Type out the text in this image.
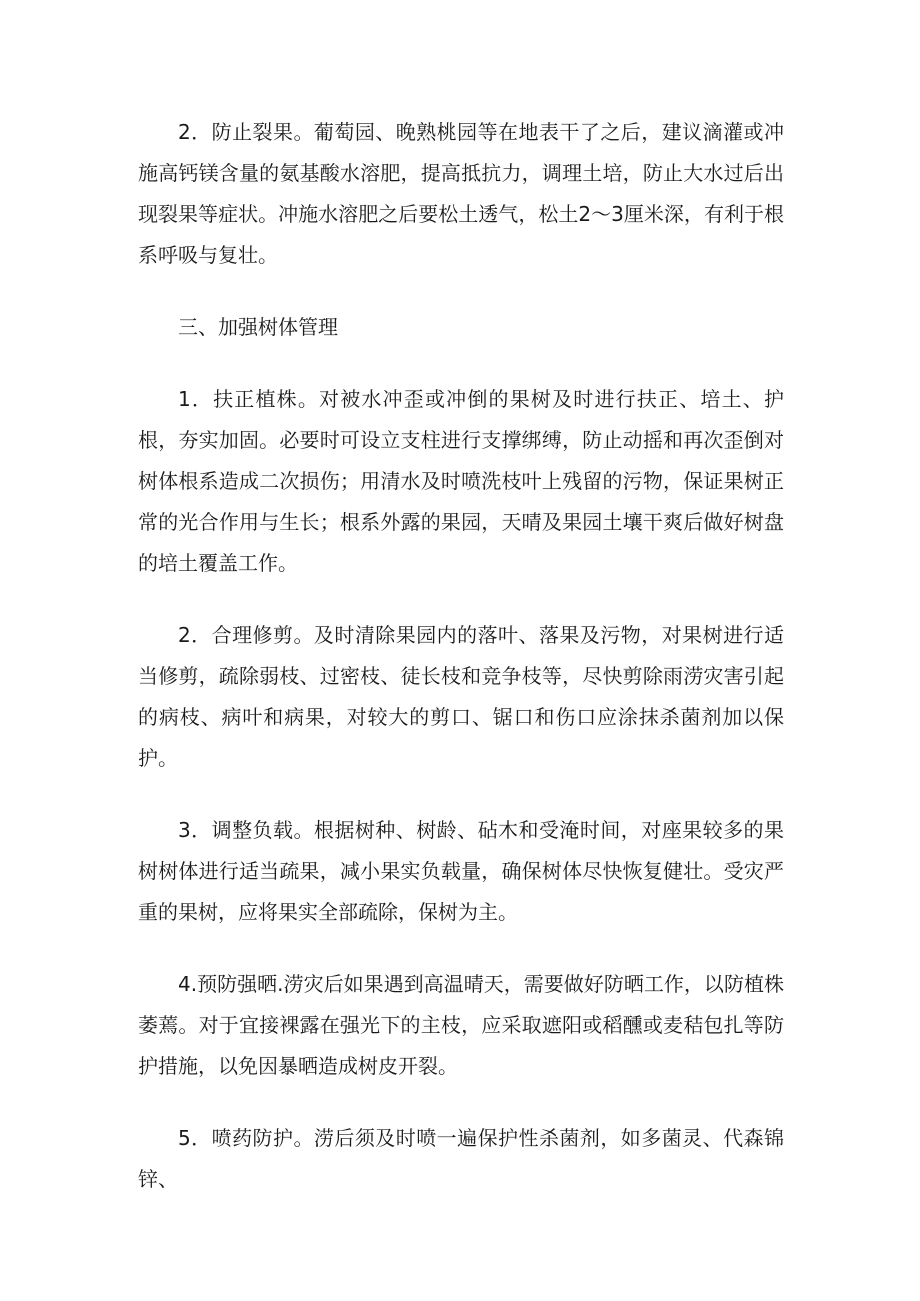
2．防止裂果。葡萄园、晚熟桃园等在地表干了之后，建议滴灌或冲施高钙镁含量的氨基酸水溶肥，提高抵抗力，调理土培，防止大水过后出现裂果等症状。冲施水溶肥之后要松土透气，松土2～3厘米深，有利于根系呼吸与复壮。

三、加强树体管理

1．扶正植株。对被水冲歪或冲倒的果树及时进行扶正、培土、护根，夯实加固。必要时可设立支柱进行支撑绑缚，防止动摇和再次歪倒对树体根系造成二次损伤；用清水及时喷洗枝叶上残留的污物，保证果树正常的光合作用与生长；根系外露的果园，天晴及果园土壤干爽后做好树盘的培土覆盖工作。

2．合理修剪。及时清除果园内的落叶、落果及污物，对果树进行适当修剪，疏除弱枝、过密枝、徒长枝和竞争枝等，尽快剪除雨涝灾害引起的病枝、病叶和病果，对较大的剪口、锯口和伤口应涂抹杀菌剂加以保护。

3．调整负载。根据树种、树龄、砧木和受淹时间，对座果较多的果树树体进行适当疏果，减小果实负载量，确保树体尽快恢复健壮。受灾严重的果树，应将果实全部疏除，保树为主。

4.预防强晒.涝灾后如果遇到高温晴天，需要做好防晒工作，以防植株萎蔫。对于宜接裸露在强光下的主枝，应采取遮阳或稻醺或麦秸包扎等防护措施，以免因暴晒造成树皮开裂。

5．喷药防护。涝后须及时喷一遍保护性杀菌剂，如多菌灵、代森锦锌、
